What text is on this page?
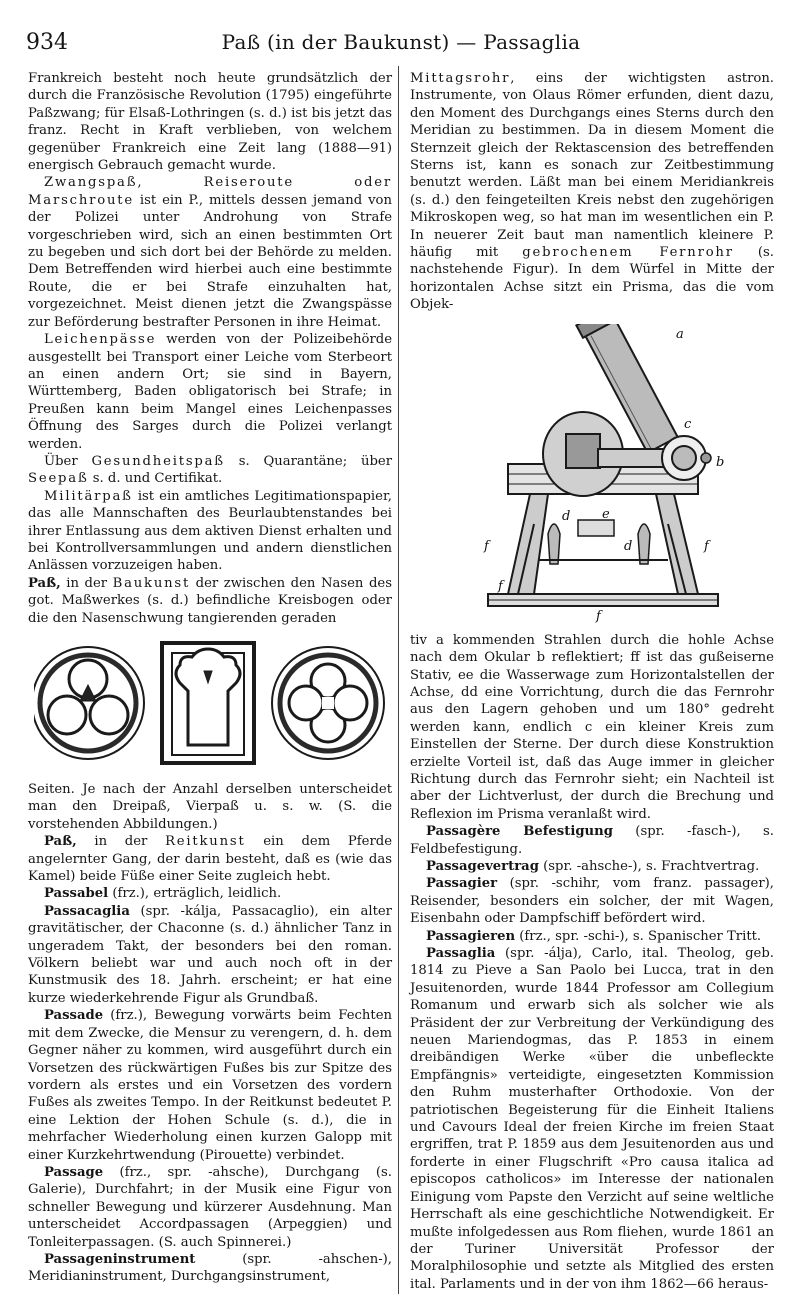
934	Paß (in der Baukunst) — Passaglia

Frankreich besteht noch heute grundsätzlich der durch die Französische Revolution (1795) eingeführte Paßzwang; für Elsaß-Lothringen (s. d.) ist bis jetzt das franz. Recht in Kraft verblieben, von welchem gegenüber Frankreich eine Zeit lang (1888—91) energisch Gebrauch gemacht wurde.

Zwangspaß, Reiseroute oder Marschroute ist ein P., mittels dessen jemand von der Polizei unter Androhung von Strafe vorgeschrieben wird, sich an einen bestimmten Ort zu begeben und sich dort bei der Behörde zu melden. Dem Betreffenden wird hierbei auch eine bestimmte Route, die er bei Strafe einzuhalten hat, vorgezeichnet. Meist dienen jetzt die Zwangspässe zur Beförderung bestrafter Personen in ihre Heimat.

Leichenpässe werden von der Polizeibehörde ausgestellt bei Transport einer Leiche vom Sterbeort an einen andern Ort; sie sind in Bayern, Württemberg, Baden obligatorisch bei Strafe; in Preußen kann beim Mangel eines Leichenpasses Öffnung des Sarges durch die Polizei verlangt werden.

Über Gesundheitspaß s. Quarantäne; über Seepaß s. d. und Certifikat.

Militärpaß ist ein amtliches Legitimationspapier, das alle Mannschaften des Beurlaubtenstandes bei ihrer Entlassung aus dem aktiven Dienst erhalten und bei Kontrollversammlungen und andern dienstlichen Anlässen vorzuzeigen haben.

Paß, in der Baukunst der zwischen den Nasen des got. Maßwerkes (s. d.) befindliche Kreisbogen oder die den Nasenschwung tangierenden geraden

Seiten. Je nach der Anzahl derselben unterscheidet man den Dreipaß, Vierpaß u. s. w. (S. die vorstehenden Abbildungen.)

Paß, in der Reitkunst ein dem Pferde angelernter Gang, der darin besteht, daß es (wie das Kamel) beide Füße einer Seite zugleich hebt.

Passabel (frz.), erträglich, leidlich.

Passacaglia (spr. -kálja, Passacaglio), ein alter gravitätischer, der Chaconne (s. d.) ähnlicher Tanz in ungeradem Takt, der besonders bei den roman. Völkern beliebt war und auch noch oft in der Kunstmusik des 18. Jahrh. erscheint; er hat eine kurze wiederkehrende Figur als Grundbaß.

Passade (frz.), Bewegung vorwärts beim Fechten mit dem Zwecke, die Mensur zu verengern, d. h. dem Gegner näher zu kommen, wird ausgeführt durch ein Vorsetzen des rückwärtigen Fußes bis zur Spitze des vordern als erstes und ein Vorsetzen des vordern Fußes als zweites Tempo. In der Reitkunst bedeutet P. eine Lektion der Hohen Schule (s. d.), die in mehrfacher Wiederholung einen kurzen Galopp mit einer Kurzkehrtwendung (Pirouette) verbindet.

Passage (frz., spr. -ahsche), Durchgang (s. Galerie), Durchfahrt; in der Musik eine Figur von schneller Bewegung und kürzerer Ausdehnung. Man unterscheidet Accordpassagen (Arpeggien) und Tonleiterpassagen. (S. auch Spinnerei.)

Passageninstrument (spr. -ahschen-), Meridianinstrument, Durchgangsinstrument,

Mittagsrohr, eins der wichtigsten astron. Instrumente, von Olaus Römer erfunden, dient dazu, den Moment des Durchgangs eines Sterns durch den Meridian zu bestimmen. Da in diesem Moment die Sternzeit gleich der Rektascension des betreffenden Sterns ist, kann es sonach zur Zeitbestimmung benutzt werden. Läßt man bei einem Meridiankreis (s. d.) den feingeteilten Kreis nebst den zugehörigen Mikroskopen weg, so hat man im wesentlichen ein P. In neuerer Zeit baut man namentlich kleinere P. häufig mit gebrochenem Fernrohr (s. nachstehende Figur). In dem Würfel in Mitte der horizontalen Achse sitzt ein Prisma, das die vom Objek-

a
b
c
d
d
e
f	f
f
f

tiv a kommenden Strahlen durch die hohle Achse nach dem Okular b reflektiert; ff ist das gußeiserne Stativ, ee die Wasserwage zum Horizontalstellen der Achse, dd eine Vorrichtung, durch die das Fernrohr aus den Lagern gehoben und um 180° gedreht werden kann, endlich c ein kleiner Kreis zum Einstellen der Sterne. Der durch diese Konstruktion erzielte Vorteil ist, daß das Auge immer in gleicher Richtung durch das Fernrohr sieht; ein Nachteil ist aber der Lichtverlust, der durch die Brechung und Reflexion im Prisma veranlaßt wird.

Passagère Befestigung (spr. -fasch-), s. Feldbefestigung.

Passagevertrag (spr. -ahsche-), s. Frachtvertrag.

Passagier (spr. -schihr, vom franz. passager), Reisender, besonders ein solcher, der mit Wagen, Eisenbahn oder Dampfschiff befördert wird.

Passagieren (frz., spr. -schi-), s. Spanischer Tritt.

Passaglia (spr. -álja), Carlo, ital. Theolog, geb. 1814 zu Pieve a San Paolo bei Lucca, trat in den Jesuitenorden, wurde 1844 Professor am Collegium Romanum und erwarb sich als solcher wie als Präsident der zur Verbreitung der Verkündigung des neuen Mariendogmas, das P. 1853 in einem dreibändigen Werke «über die unbefleckte Empfängnis» verteidigte, eingesetzten Kommission den Ruhm musterhafter Orthodoxie. Von der patriotischen Begeisterung für die Einheit Italiens und Cavours Ideal der freien Kirche im freien Staat ergriffen, trat P. 1859 aus dem Jesuitenorden aus und forderte in einer Flugschrift «Pro causa italica ad episcopos catholicos» im Interesse der nationalen Einigung vom Papste den Verzicht auf seine weltliche Herrschaft als eine geschichtliche Notwendigkeit. Er mußte infolgedessen aus Rom fliehen, wurde 1861 an der Turiner Universität Professor der Moralphilosophie und setzte als Mitglied des ersten ital. Parlaments und in der von ihm 1862—66 heraus-
